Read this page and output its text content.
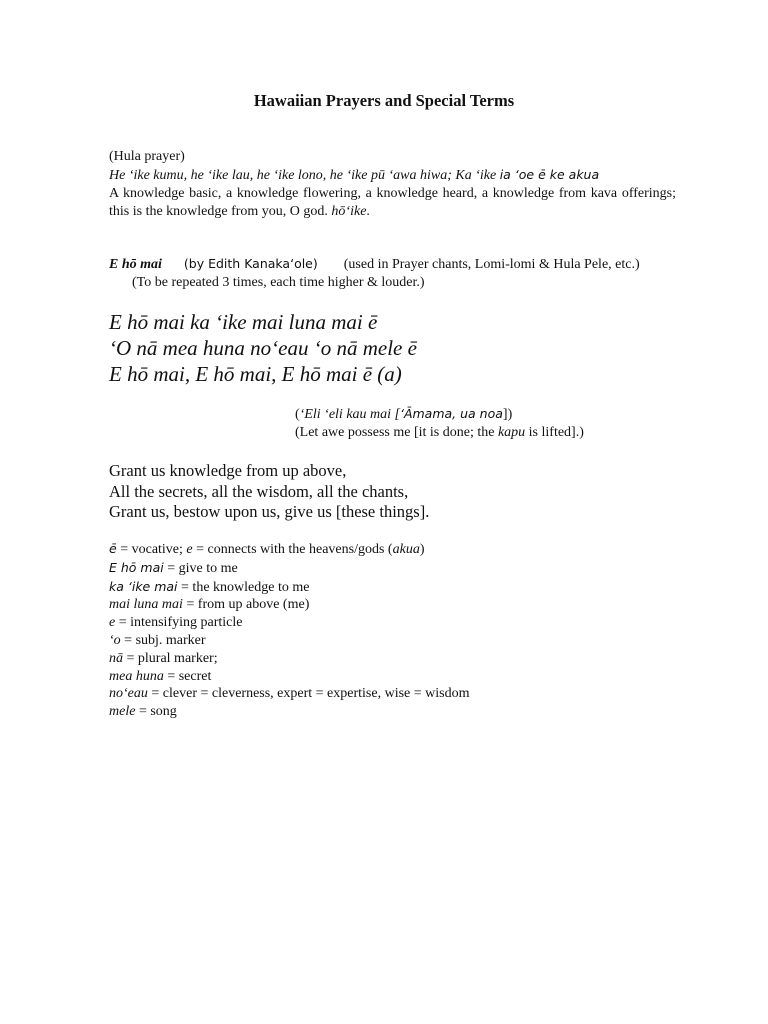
Hawaiian Prayers and Special Terms
(Hula prayer)
He ʻike kumu, he ʻike lau, he ʻike lono, he ʻike pū ʻawa hiwa; Ka ʻike ia ʻoe ē ke akua
A knowledge basic, a knowledge flowering, a knowledge heard, a knowledge from kava offerings; this is the knowledge from you, O god. hōʻike.
E hō mai (by Edith Kanakaʻole) (used in Prayer chants, Lomi-lomi & Hula Pele, etc.)
(To be repeated 3 times, each time higher & louder.)
E hō mai ka ʻike mai luna mai ē
ʻO nā mea huna noʻeau ʻo nā mele ē
E hō mai, E hō mai, E hō mai ē (a)
(ʻEli ʻeli kau mai [ʻĀmama, ua noa])
(Let awe possess me [it is done; the kapu is lifted].)
Grant us knowledge from up above,
All the secrets, all the wisdom, all the chants,
Grant us, bestow upon us, give us [these things].
ē = vocative; e = connects with the heavens/gods (akua)
E hō mai = give to me
ka ʻike mai = the knowledge to me
mai luna mai = from up above (me)
e = intensifying particle
ʻo = subj. marker
nā = plural marker;
mea huna = secret
noʻeau = clever = cleverness, expert = expertise, wise = wisdom
mele = song
